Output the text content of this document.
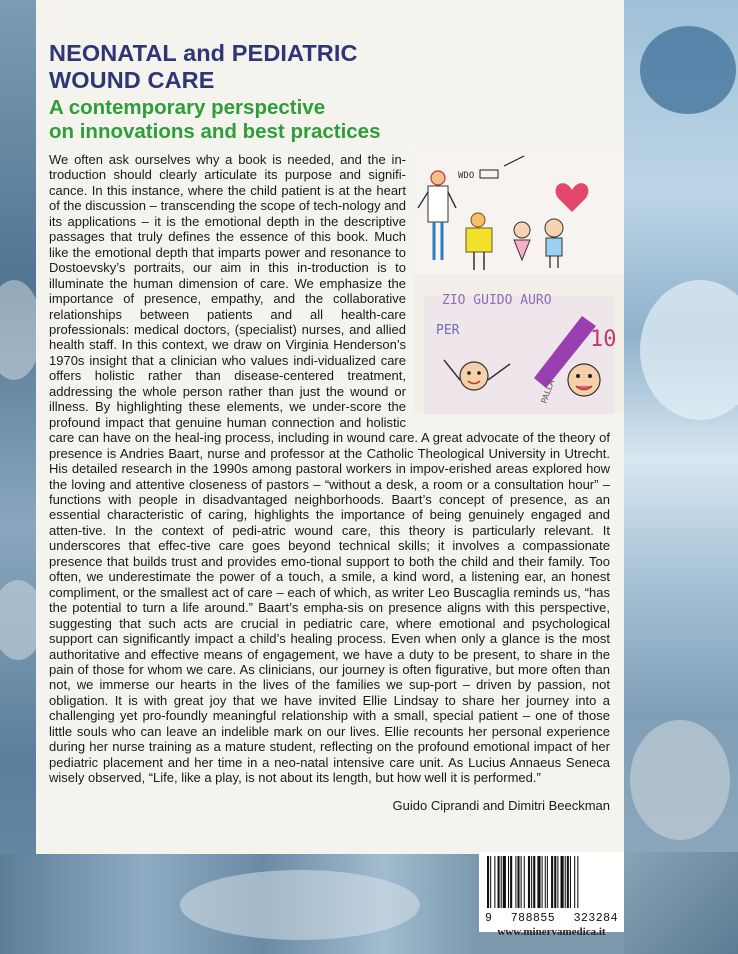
NEONATAL and PEDIATRIC
WOUND CARE
A contemporary perspective
on innovations and best practices
WDO
ZIO GUIDO AURO
PER	10
PALLA
We often ask ourselves why a book is needed, and the in-troduction should clearly articulate its purpose and signifi-cance. In this instance, where the child patient is at the heart of the discussion – transcending the scope of tech-nology and its applications – it is the emotional depth in the descriptive passages that truly defines the essence of this book. Much like the emotional depth that imparts power and resonance to Dostoevsky’s portraits, our aim in this in-troduction is to illuminate the human dimension of care. We emphasize the importance of presence, empathy, and the collaborative relationships between patients and all health-care professionals: medical doctors, (specialist) nurses, and allied health staff. In this context, we draw on Virginia Henderson’s 1970s insight that a clinician who values indi-vidualized care offers holistic rather than disease-centered treatment, addressing the whole person rather than just the wound or illness. By highlighting these elements, we under-score the profound impact that genuine human connection and holistic care can have on the heal-ing process, including in wound care. A great advocate of the theory of presence is Andries Baart, nurse and professor at the Catholic Theological University in Utrecht. His detailed research in the 1990s among pastoral workers in impov-erished areas explored how the loving and attentive closeness of pastors – “without a desk, a room or a consultation hour” – functions with people in disadvantaged neighborhoods. Baart’s concept of presence, as an essential characteristic of caring, highlights the importance of being genuinely engaged and atten-tive. In the context of pedi-atric wound care, this theory is particularly relevant. It underscores that effec-tive care goes beyond technical skills; it involves a compassionate presence that builds trust and provides emo-tional support to both the child and their family. Too often, we underestimate the power of a touch, a smile, a kind word, a listening ear, an honest compliment, or the smallest act of care – each of which, as writer Leo Buscaglia reminds us, “has the potential to turn a life around.” Baart’s empha-sis on presence aligns with this perspective, suggesting that such acts are crucial in pediatric care, where emotional and psychological support can significantly impact a child’s healing process. Even when only a glance is the most authoritative and effective means of engagement, we have a duty to be present, to share in the pain of those for whom we care. As clinicians, our journey is often figurative, but more often than not, we immerse our hearts in the lives of the families we sup-port – driven by passion, not obligation. It is with great joy that we have invited Ellie Lindsay to share her journey into a challenging yet pro-foundly meaningful relationship with a small, special patient – one of those little souls who can leave an indelible mark on our lives. Ellie recounts her personal experience during her nurse training as a mature student, reflecting on the profound emotional impact of her pediatric placement and her time in a neo-natal intensive care unit. As Lucius Annaeus Seneca wisely observed, “Life, like a play, is not about its length, but how well it is performed.”
Guido Ciprandi and Dimitri Beeckman
9 788855 323284
www.minervamedica.it
